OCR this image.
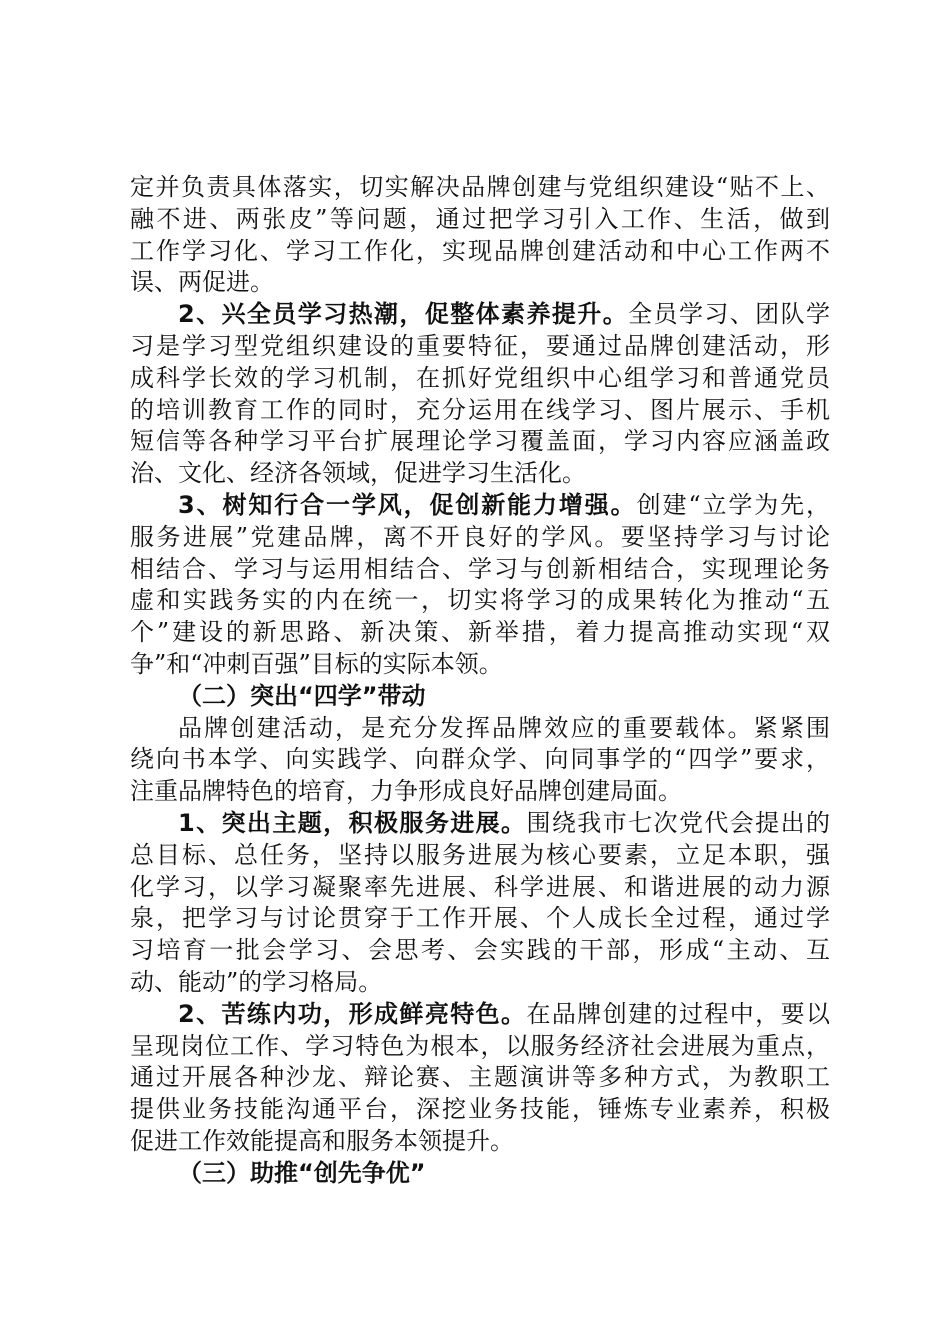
定并负责具体落实，切实解决品牌创建与党组织建设“贴不上、
融不进、两张皮”等问题，通过把学习引入工作、生活，做到
工作学习化、学习工作化，实现品牌创建活动和中心工作两不
误、两促进。
2、兴全员学习热潮，促整体素养提升。全员学习、团队学
习是学习型党组织建设的重要特征，要通过品牌创建活动，形
成科学长效的学习机制，在抓好党组织中心组学习和普通党员
的培训教育工作的同时，充分运用在线学习、图片展示、手机
短信等各种学习平台扩展理论学习覆盖面，学习内容应涵盖政
治、文化、经济各领域，促进学习生活化。
3、树知行合一学风，促创新能力增强。创建“立学为先，
服务进展”党建品牌，离不开良好的学风。要坚持学习与讨论
相结合、学习与运用相结合、学习与创新相结合，实现理论务
虚和实践务实的内在统一，切实将学习的成果转化为推动“五
个”建设的新思路、新决策、新举措，着力提高推动实现“双
争”和“冲刺百强”目标的实际本领。
（二）突出“四学”带动
品牌创建活动，是充分发挥品牌效应的重要载体。紧紧围
绕向书本学、向实践学、向群众学、向同事学的“四学”要求，
注重品牌特色的培育，力争形成良好品牌创建局面。
1、突出主题，积极服务进展。围绕我市七次党代会提出的
总目标、总任务，坚持以服务进展为核心要素，立足本职，强
化学习，以学习凝聚率先进展、科学进展、和谐进展的动力源
泉，把学习与讨论贯穿于工作开展、个人成长全过程，通过学
习培育一批会学习、会思考、会实践的干部，形成“主动、互
动、能动”的学习格局。
2、苦练内功，形成鲜亮特色。在品牌创建的过程中，要以
呈现岗位工作、学习特色为根本，以服务经济社会进展为重点，
通过开展各种沙龙、辩论赛、主题演讲等多种方式，为教职工
提供业务技能沟通平台，深挖业务技能，锤炼专业素养，积极
促进工作效能提高和服务本领提升。
（三）助推“创先争优”
